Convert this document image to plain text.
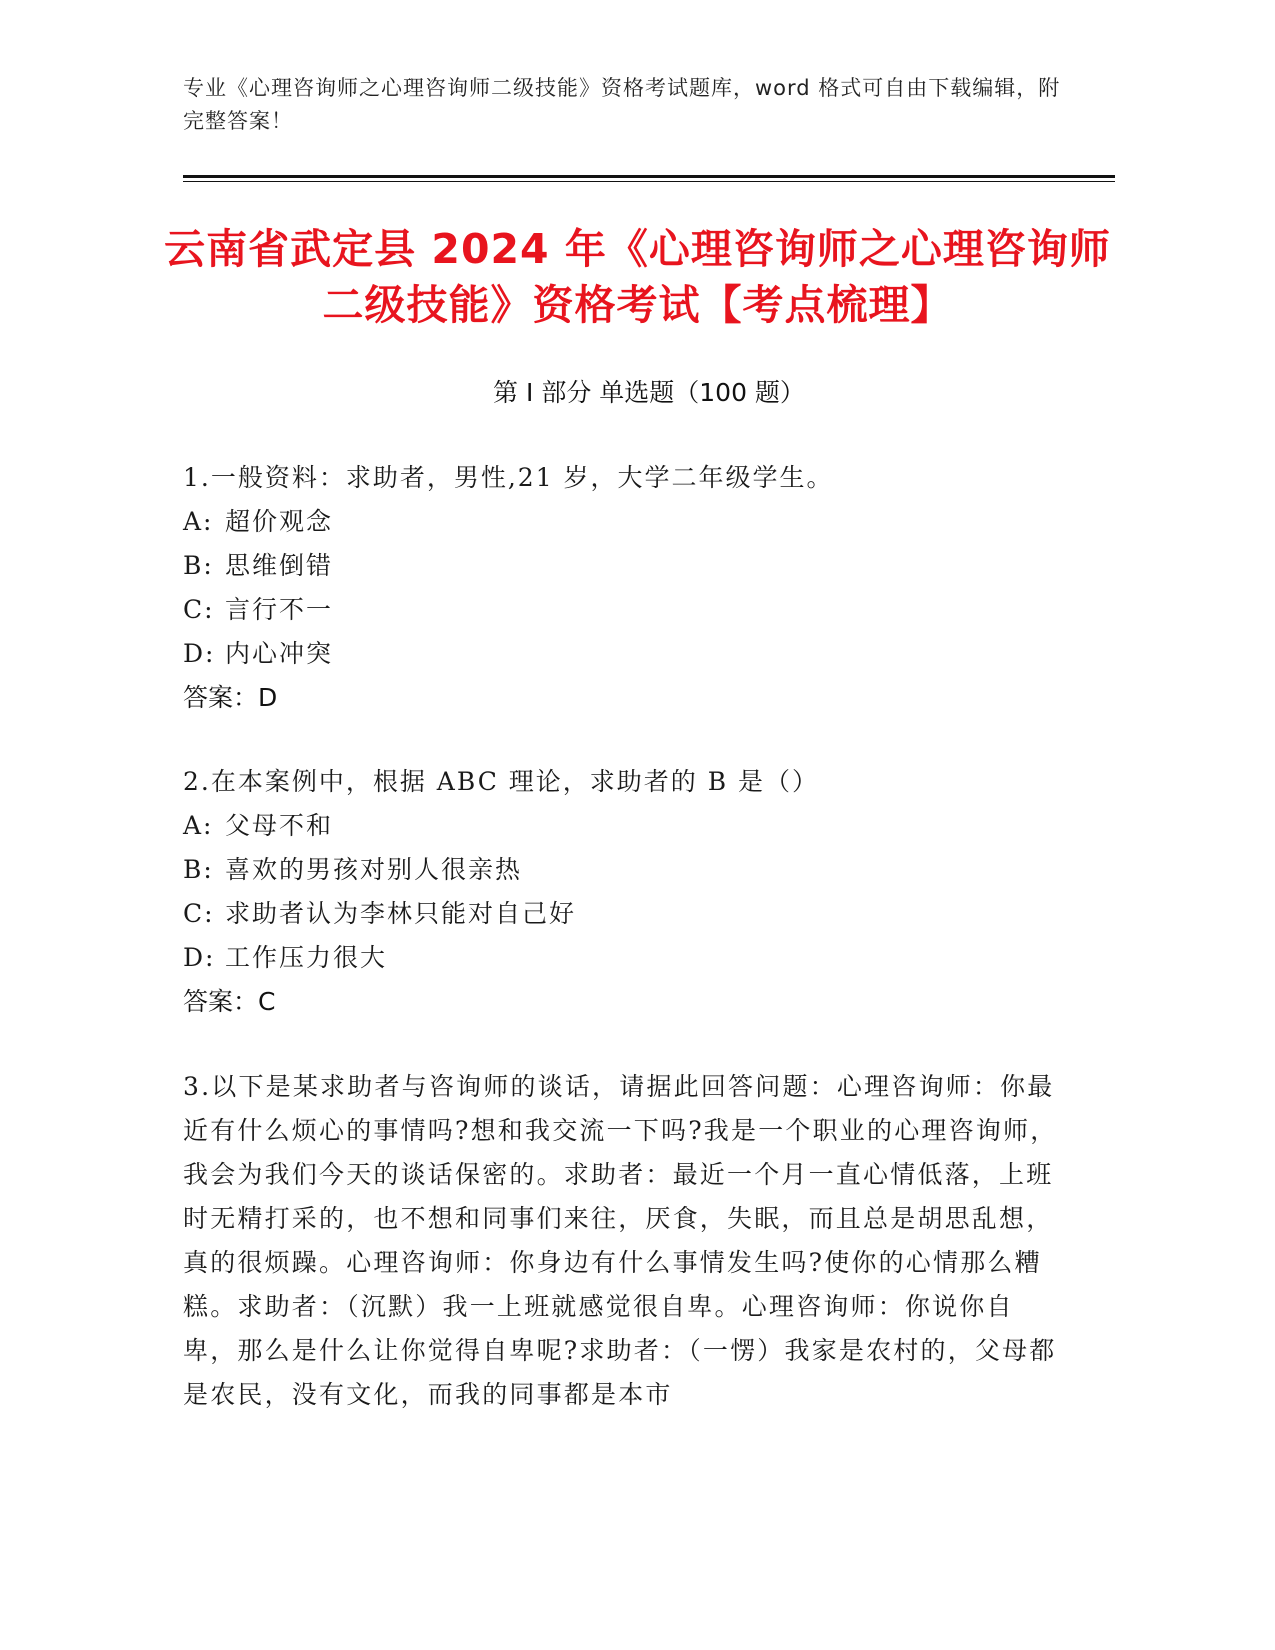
专业《心理咨询师之心理咨询师二级技能》资格考试题库，word 格式可自由下载编辑，附完整答案！
云南省武定县 2024 年《心理咨询师之心理咨询师二级技能》资格考试【考点梳理】
第 I 部分 单选题（100 题）
1.一般资料：求助者，男性,21 岁，大学二年级学生。
A: 超价观念
B: 思维倒错
C: 言行不一
D: 内心冲突
答案：D
2.在本案例中，根据 ABC 理论，求助者的 B 是（）
A: 父母不和
B: 喜欢的男孩对别人很亲热
C: 求助者认为李林只能对自己好
D: 工作压力很大
答案：C
3.以下是某求助者与咨询师的谈话，请据此回答问题：心理咨询师：你最近有什么烦心的事情吗?想和我交流一下吗?我是一个职业的心理咨询师，我会为我们今天的谈话保密的。求助者：最近一个月一直心情低落，上班时无精打采的，也不想和同事们来往，厌食，失眠，而且总是胡思乱想，真的很烦躁。心理咨询师：你身边有什么事情发生吗?使你的心情那么糟糕。求助者：（沉默）我一上班就感觉很自卑。心理咨询师：你说你自卑，那么是什么让你觉得自卑呢?求助者：（一愣）我家是农村的，父母都是农民，没有文化，而我的同事都是本市
